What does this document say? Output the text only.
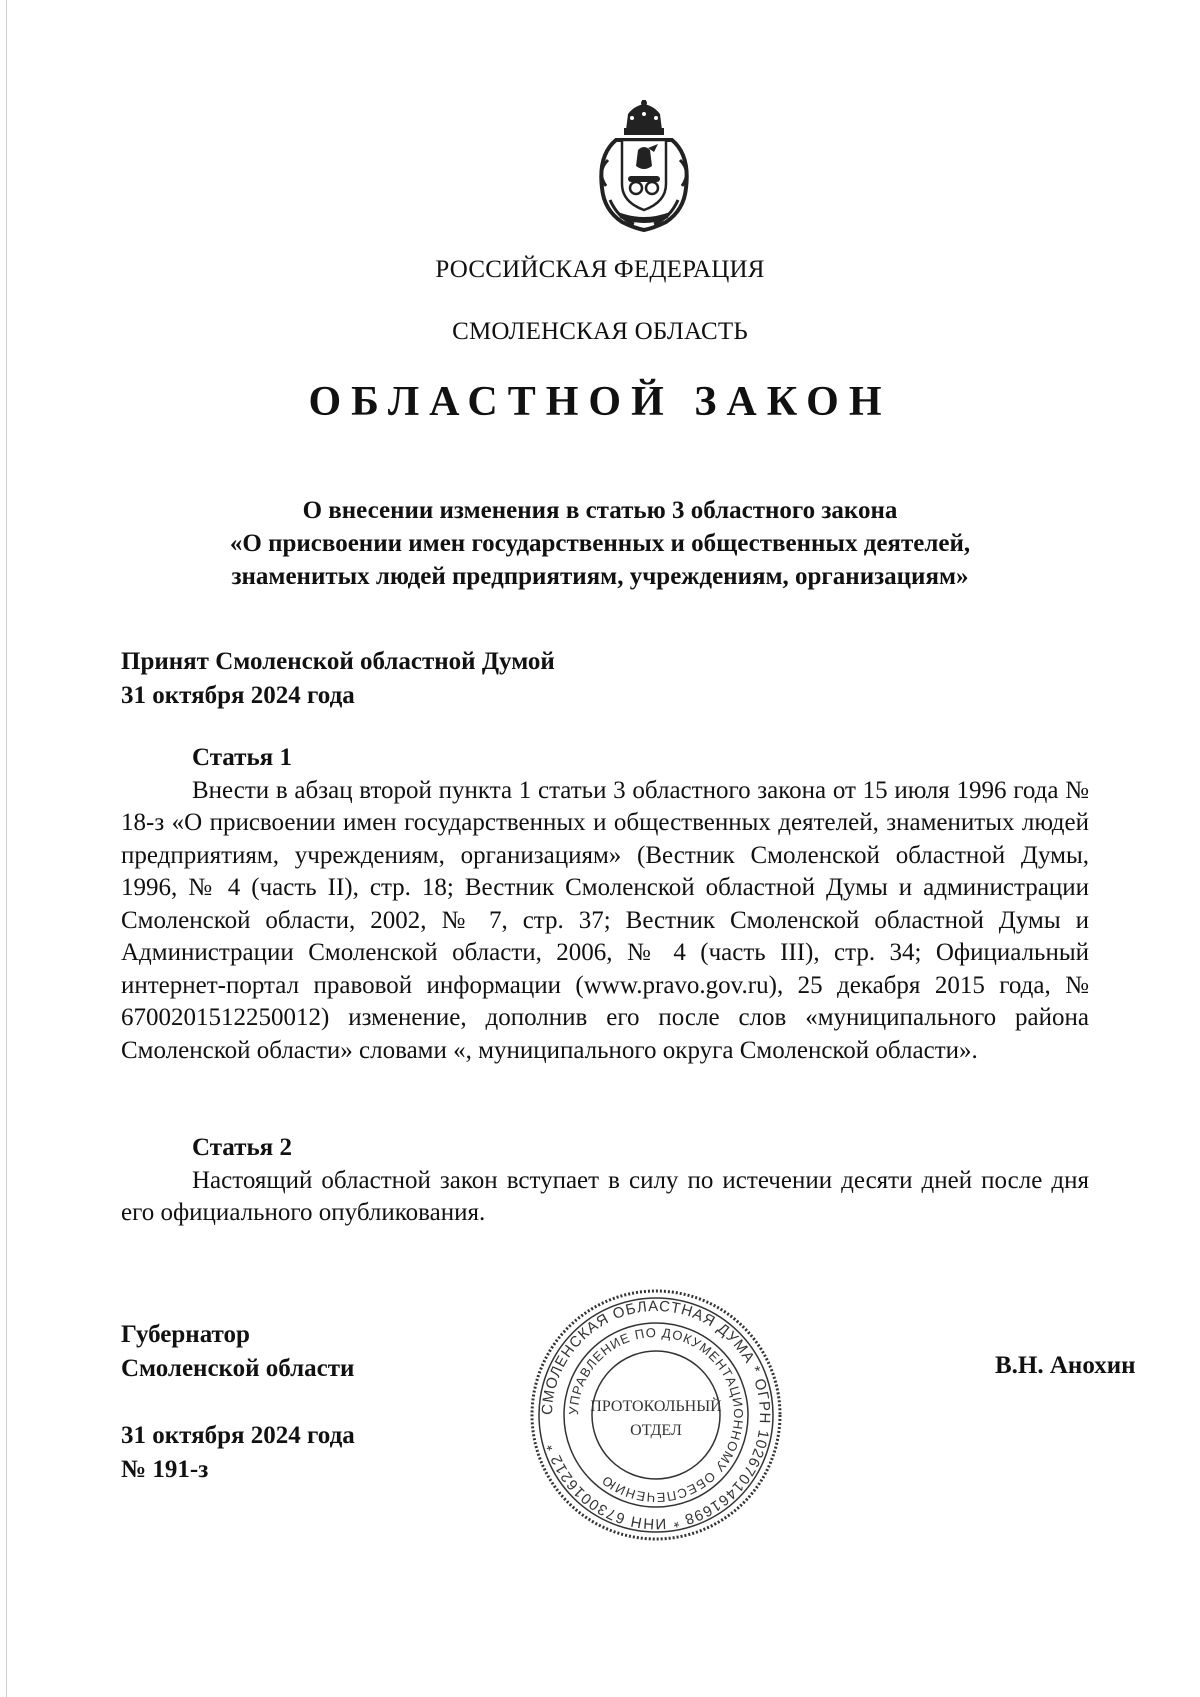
РОССИЙСКАЯ ФЕДЕРАЦИЯ
СМОЛЕНСКАЯ ОБЛАСТЬ
ОБЛАСТНОЙ ЗАКОН
О внесении изменения в статью 3 областного закона
«О присвоении имен государственных и общественных деятелей,
знаменитых людей предприятиям, учреждениям, организациям»
Принят Смоленской областной Думой
31 октября 2024 года
Статья 1

Внести в абзац второй пункта 1 статьи 3 областного закона от 15 июля 1996 года № 18-з «О присвоении имен государственных и общественных деятелей, знаменитых людей предприятиям, учреждениям, организациям» (Вестник Смоленской областной Думы, 1996, № 4 (часть II), стр. 18; Вестник Смоленской областной Думы и администрации Смоленской области, 2002, № 7, стр. 37; Вестник Смоленской областной Думы и Администрации Смоленской области, 2006, № 4 (часть III), стр. 34; Официальный интернет-портал правовой информации (www.pravo.gov.ru), 25 декабря 2015 года, № 6700201512250012) изменение, дополнив его после слов «муниципального района Смоленской области» словами «, муниципального округа Смоленской области».

Статья 2

Настоящий областной закон вступает в силу по истечении десяти дней после дня его официального опубликования.

Губернатор
Смоленской области
31 октября 2024 года
№ 191-з
В.Н. Анохин
СМОЛЕНСКАЯ ОБЛАСТНАЯ ДУМА * ОГРН 1026701461698 * ИНН 6730016212 *
УПРАВЛЕНИЕ ПО ДОКУМЕНТАЦИОННОМУ ОБЕСПЕЧЕНИЮ
ПРОТОКОЛЬНЫЙ
ОТДЕЛ
